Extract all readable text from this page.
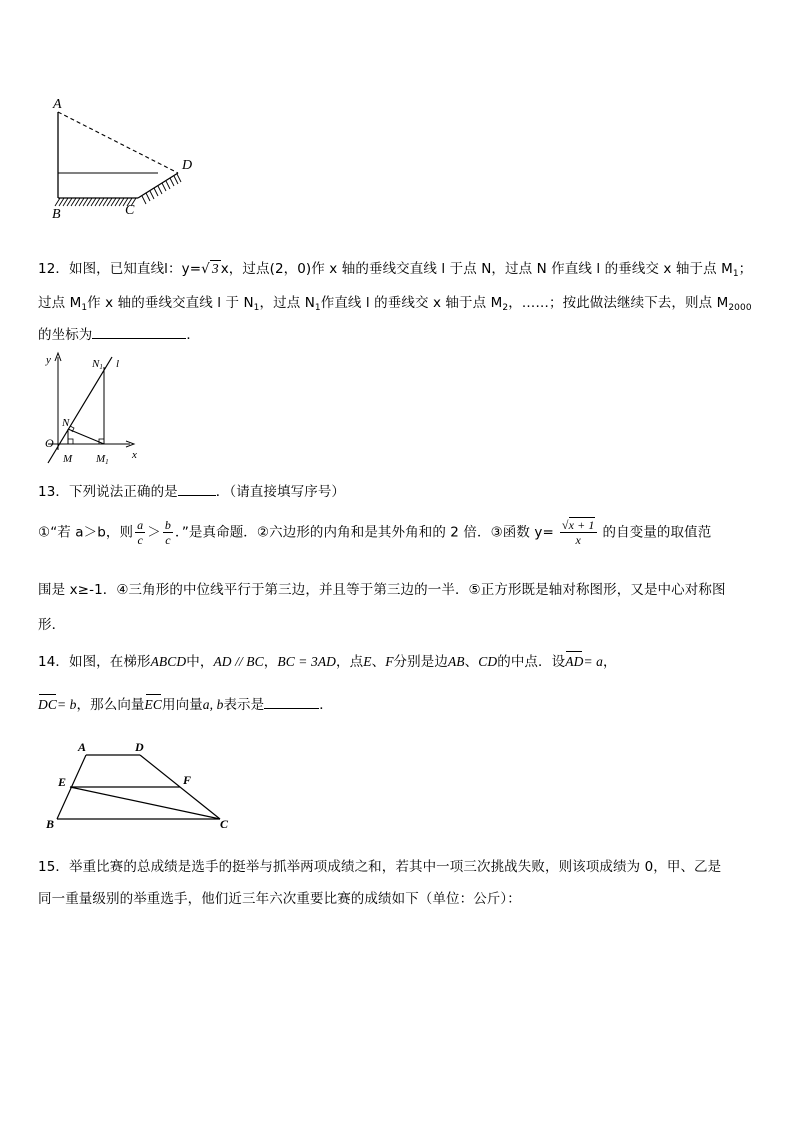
A
B	C
D
12．如图，已知直线l：y=√ 3 x，过点(2，0)作 x 轴的垂线交直线 l 于点 N，过点 N 作直线 l 的垂线交 x 轴于点 $M_1$；
过点 $M_1$作 x 轴的垂线交直线 l 于 $N_1$，过点 $N_1$作直线 l 的垂线交 x 轴于点 $M_2$，……；按此做法继续下去，则点 $M_{2000}$
的坐标为	．
y
x
O
M M1
N
N1 l
13．下列说法正确的是	．（请直接填写序号）
①“若 a＞b，则 $\frac{a}{c} > \frac{b}{c}$ ．”是真命题．②六边形的内角和是其外角和的 2 倍．③函数 $y= \frac{√x + 1}{x}$ 的自变量的取值范
围是 x≥-1．④三角形的中位线平行于第三边，并且等于第三边的一半．⑤正方形既是轴对称图形，又是中心对称图
形．
14．如图，在梯形ABCD中，AD // BC，BC = 3AD，点E、F分别是边AB、CD的中点．设AD= a，
DC= b，那么向量EC用向量a, b表示是	．
A	D
E	F
B	C
15．举重比赛的总成绩是选手的挺举与抓举两项成绩之和，若其中一项三次挑战失败，则该项成绩为 0，甲、乙是
同一重量级别的举重选手，他们近三年六次重要比赛的成绩如下（单位：公斤）：
